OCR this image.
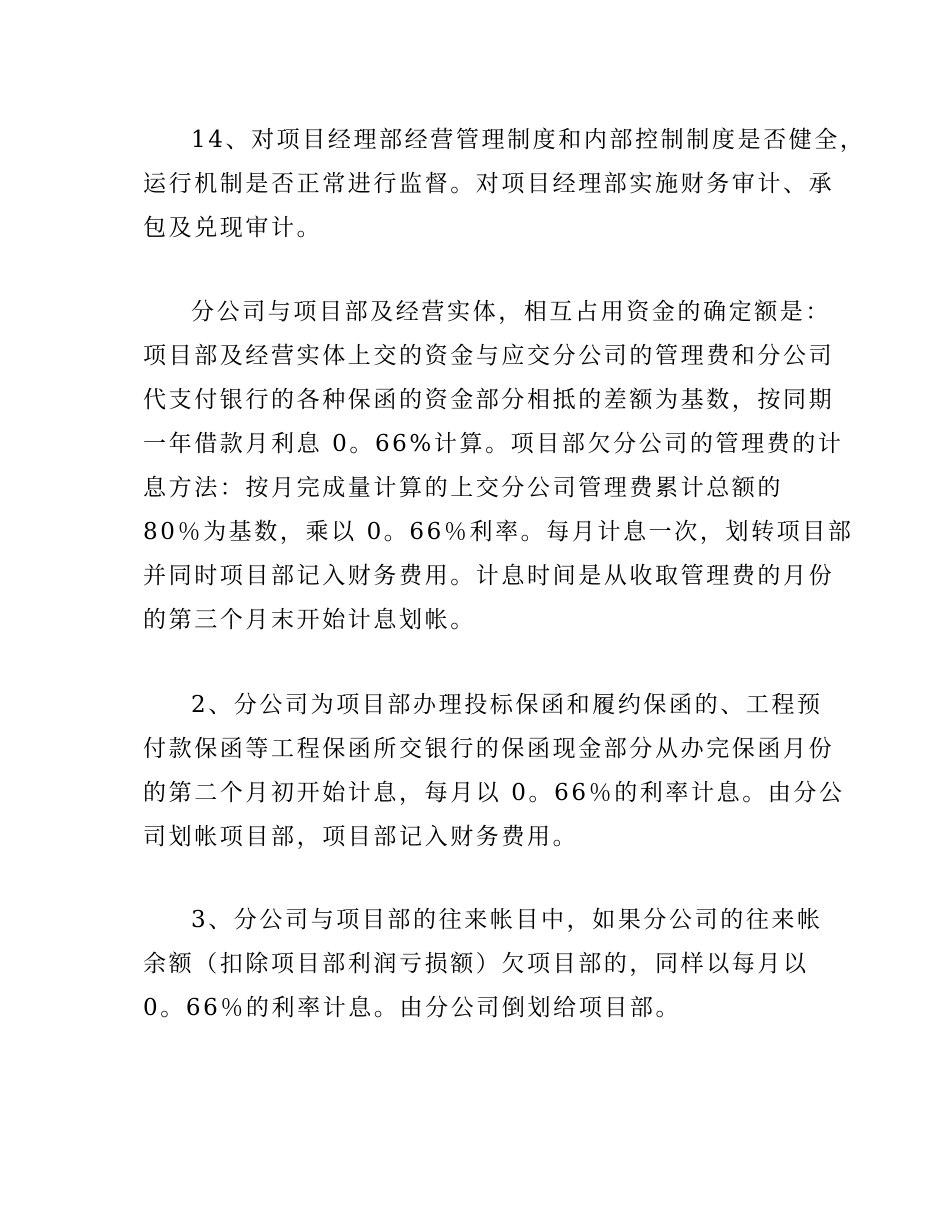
14、对项目经理部经营管理制度和内部控制制度是否健全，
运行机制是否正常进行监督。对项目经理部实施财务审计、承
包及兑现审计。
分公司与项目部及经营实体，相互占用资金的确定额是：
项目部及经营实体上交的资金与应交分公司的管理费和分公司
代支付银行的各种保函的资金部分相抵的差额为基数，按同期
一年借款月利息 0。66%计算。项目部欠分公司的管理费的计
息方法：按月完成量计算的上交分公司管理费累计总额的
80％为基数，乘以 0。66％利率。每月计息一次，划转项目部
并同时项目部记入财务费用。计息时间是从收取管理费的月份
的第三个月末开始计息划帐。
2、分公司为项目部办理投标保函和履约保函的、工程预
付款保函等工程保函所交银行的保函现金部分从办完保函月份
的第二个月初开始计息，每月以 0。66％的利率计息。由分公
司划帐项目部，项目部记入财务费用。
3、分公司与项目部的往来帐目中，如果分公司的往来帐
余额（扣除项目部利润亏损额）欠项目部的，同样以每月以
0。66％的利率计息。由分公司倒划给项目部。
